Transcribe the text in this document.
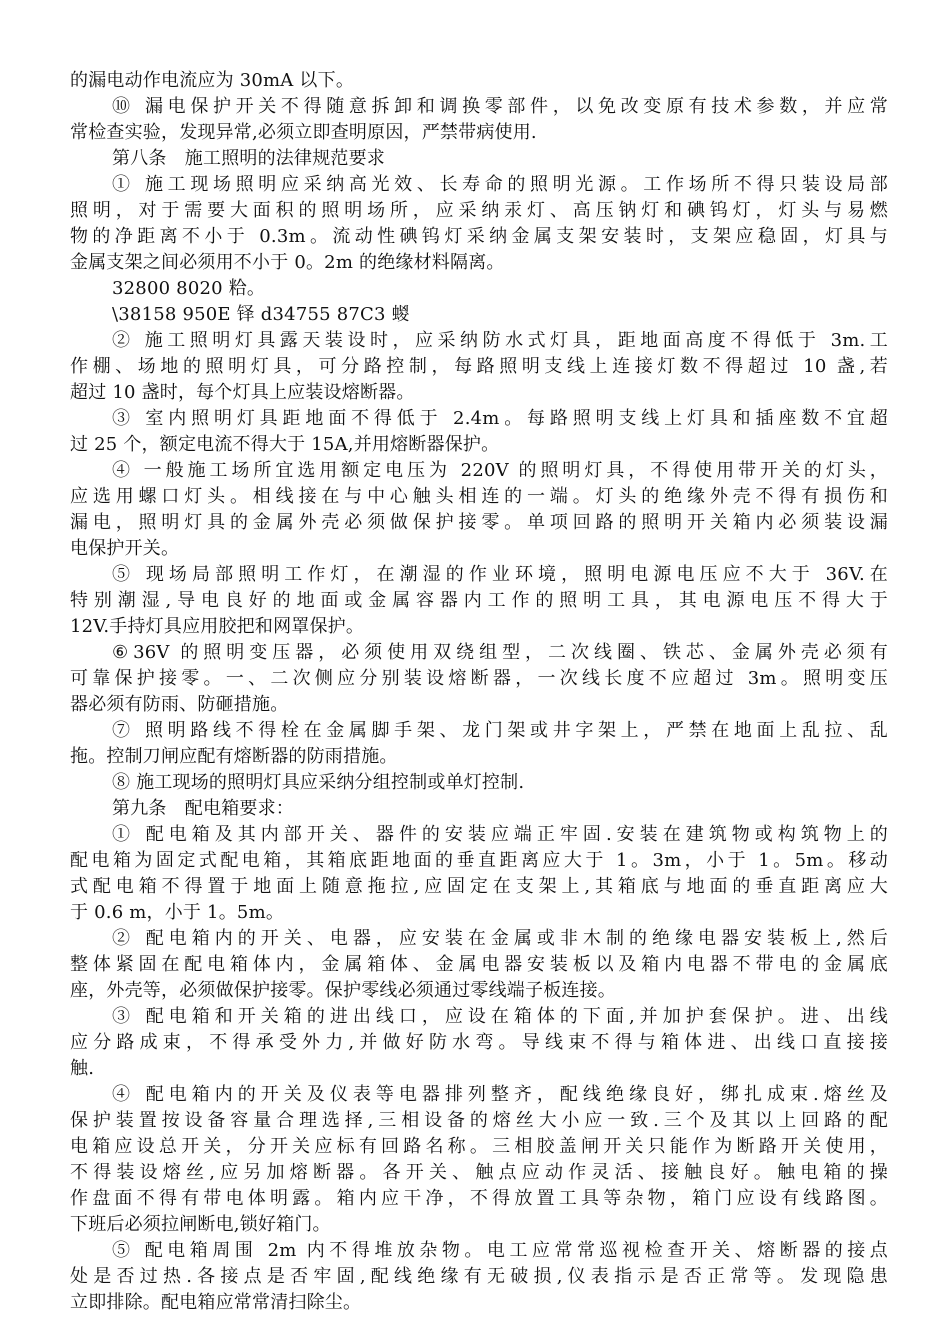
的漏电动作电流应为 30mA 以下。
⑩ 漏电保护开关不得随意拆卸和调换零部件，以免改变原有技术参数，并应常
常检查实验，发现异常,必须立即查明原因，严禁带病使用.
第八条　施工照明的法律规范要求
① 施工现场照明应采纳高光效、长寿命的照明光源。工作场所不得只装设局部
照明，对于需要大面积的照明场所，应采纳汞灯、高压钠灯和碘钨灯，灯头与易燃
物的净距离不小于 0.3m。流动性碘钨灯采纳金属支架安装时，支架应稳固，灯具与
金属支架之间必须用不小于 0。2m 的绝缘材料隔离。
32800 8020 粭。
\38158 950E 铎 d34755 87C3 蝬
② 施工照明灯具露天装设时，应采纳防水式灯具，距地面高度不得低于 3m.工
作棚、场地的照明灯具，可分路控制，每路照明支线上连接灯数不得超过 10 盏,若
超过 10 盏时，每个灯具上应装设熔断器。
③ 室内照明灯具距地面不得低于 2.4m。每路照明支线上灯具和插座数不宜超
过 25 个，额定电流不得大于 15A,并用熔断器保护。
④ 一般施工场所宜选用额定电压为 220V 的照明灯具，不得使用带开关的灯头，
应选用螺口灯头。相线接在与中心触头相连的一端。灯头的绝缘外壳不得有损伤和
漏电，照明灯具的金属外壳必须做保护接零。单项回路的照明开关箱内必须装设漏
电保护开关。
⑤ 现场局部照明工作灯，在潮湿的作业环境，照明电源电压应不大于 36V.在
特别潮湿,导电良好的地面或金属容器内工作的照明工具，其电源电压不得大于
12V.手持灯具应用胶把和网罩保护。
⑥36V 的照明变压器，必须使用双绕组型，二次线圈、铁芯、金属外壳必须有
可靠保护接零。一、二次侧应分别装设熔断器，一次线长度不应超过 3m。照明变压
器必须有防雨、防砸措施。
⑦ 照明路线不得栓在金属脚手架、龙门架或井字架上，严禁在地面上乱拉、乱
拖。控制刀闸应配有熔断器的防雨措施。
⑧ 施工现场的照明灯具应采纳分组控制或单灯控制.
第九条　配电箱要求：
① 配电箱及其内部开关、器件的安装应端正牢固.安装在建筑物或构筑物上的
配电箱为固定式配电箱，其箱底距地面的垂直距离应大于 1。3m，小于 1。5m。移动
式配电箱不得置于地面上随意拖拉,应固定在支架上,其箱底与地面的垂直距离应大
于 0.6 m，小于 1。5m。
② 配电箱内的开关、电器，应安装在金属或非木制的绝缘电器安装板上,然后
整体紧固在配电箱体内，金属箱体、金属电器安装板以及箱内电器不带电的金属底
座，外壳等，必须做保护接零。保护零线必须通过零线端子板连接。
③ 配电箱和开关箱的进出线口，应设在箱体的下面,并加护套保护。进、出线
应分路成束，不得承受外力,并做好防水弯。导线束不得与箱体进、出线口直接接
触.
④ 配电箱内的开关及仪表等电器排列整齐，配线绝缘良好，绑扎成束.熔丝及
保护装置按设备容量合理选择,三相设备的熔丝大小应一致.三个及其以上回路的配
电箱应设总开关，分开关应标有回路名称。三相胶盖闸开关只能作为断路开关使用，
不得装设熔丝,应另加熔断器。各开关、触点应动作灵活、接触良好。触电箱的操
作盘面不得有带电体明露。箱内应干净，不得放置工具等杂物，箱门应设有线路图。
下班后必须拉闸断电,锁好箱门。
⑤ 配电箱周围 2m 内不得堆放杂物。电工应常常巡视检查开关、熔断器的接点
处是否过热.各接点是否牢固,配线绝缘有无破损,仪表指示是否正常等。发现隐患
立即排除。配电箱应常常清扫除尘。
